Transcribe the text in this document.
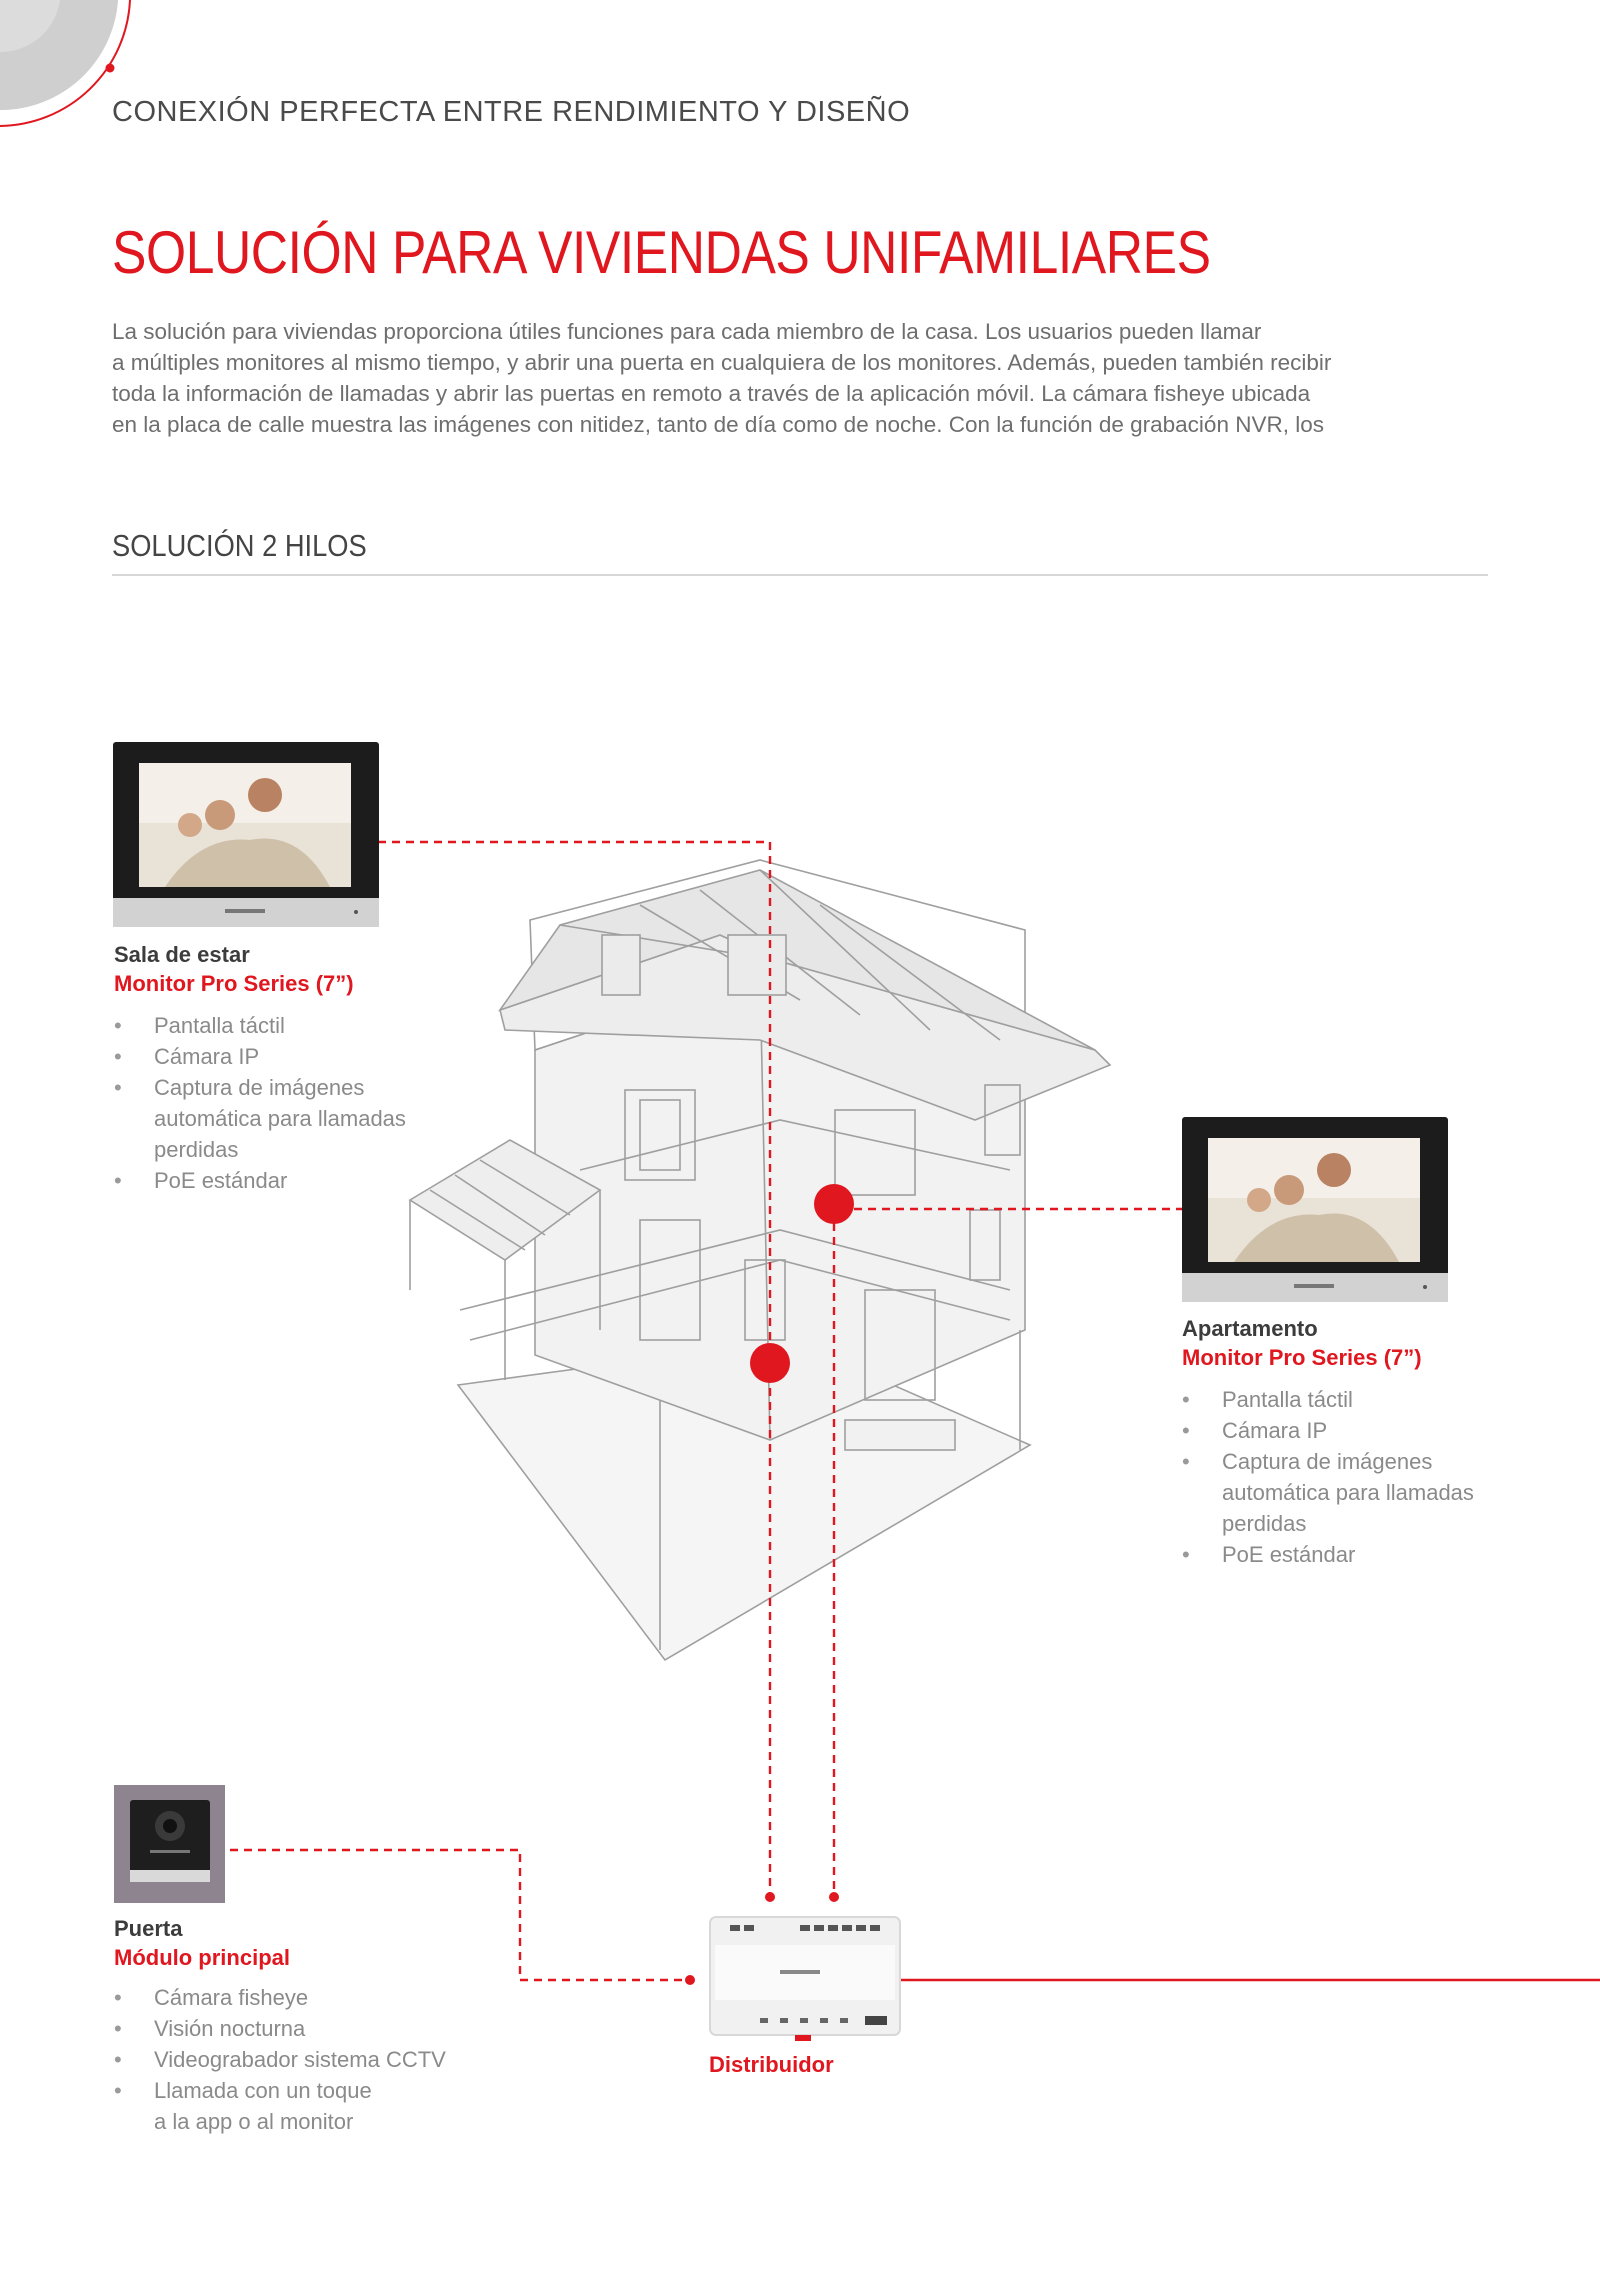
CONEXIÓN PERFECTA ENTRE RENDIMIENTO Y DISEÑO
SOLUCIÓN PARA VIVIENDAS UNIFAMILIARES
La solución para viviendas proporciona útiles funciones para cada miembro de la casa. Los usuarios pueden llamar
a múltiples monitores al mismo tiempo, y abrir una puerta en cualquiera de los monitores. Además, pueden también recibir
toda la información de llamadas y abrir las puertas en remoto a través de la aplicación móvil. La cámara fisheye ubicada
en la placa de calle muestra las imágenes con nitidez, tanto de día como de noche. Con la función de grabación NVR, los
SOLUCIÓN 2 HILOS
Sala de estar
Monitor Pro Series (7”)
• Pantalla táctil
• Cámara IP
• Captura de imágenes
automática para llamadas
perdidas
• PoE estándar
Apartamento
Monitor Pro Series (7”)
• Pantalla táctil
• Cámara IP
• Captura de imágenes
automática para llamadas
perdidas
• PoE estándar
Puerta
Módulo principal
• Cámara fisheye
• Visión nocturna
• Videograbador sistema CCTV
• Llamada con un toque
a la app o al monitor
Distribuidor
